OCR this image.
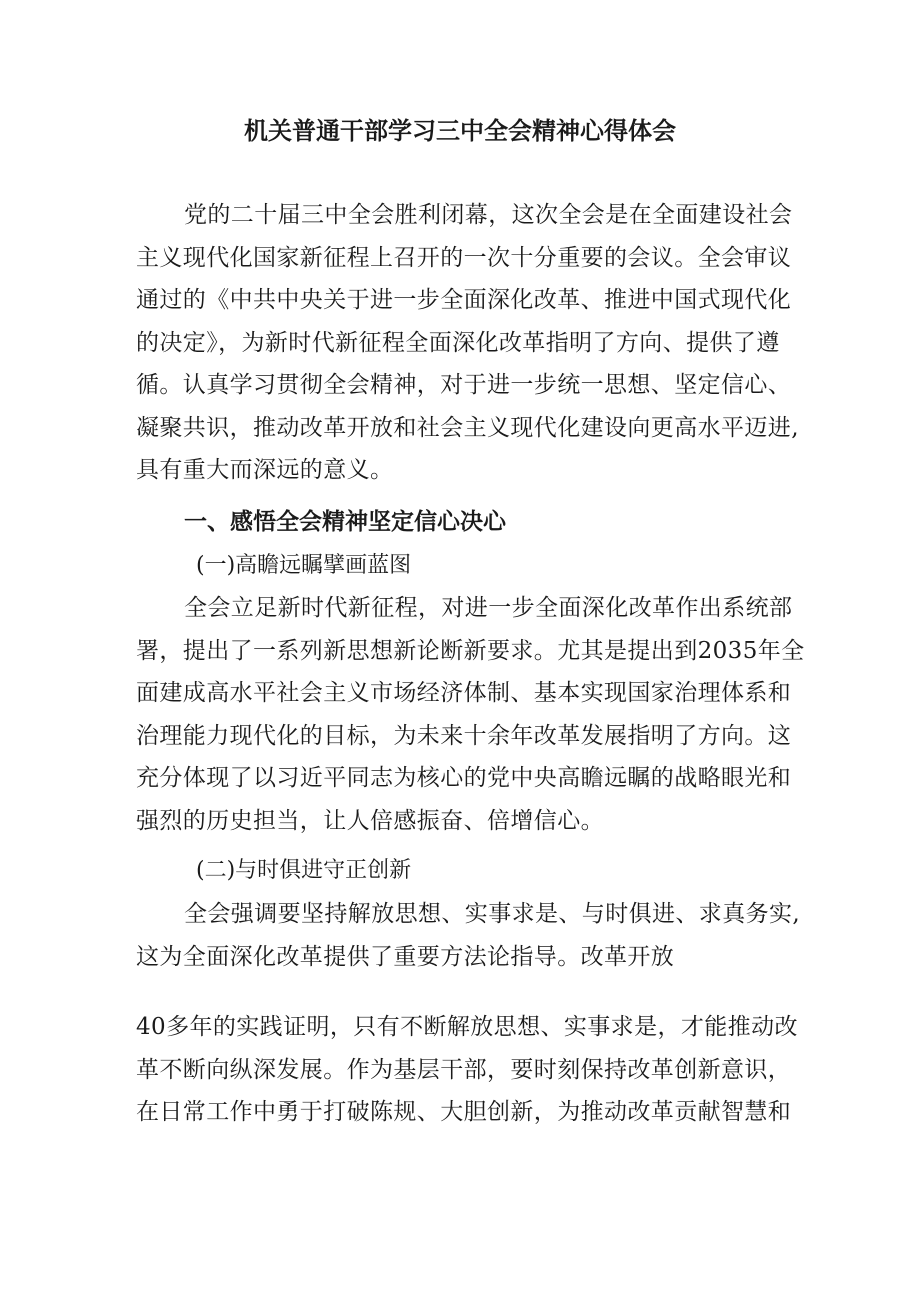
机关普通干部学习三中全会精神心得体会
党的二十届三中全会胜利闭幕，这次全会是在全面建设社会
主义现代化国家新征程上召开的一次十分重要的会议。全会审议
通过的《中共中央关于进一步全面深化改革、推进中国式现代化
的决定》，为新时代新征程全面深化改革指明了方向、提供了遵
循。认真学习贯彻全会精神，对于进一步统一思想、坚定信心、
凝聚共识，推动改革开放和社会主义现代化建设向更高水平迈进,
具有重大而深远的意义。
一、感悟全会精神坚定信心决心
(一)高瞻远瞩擘画蓝图
全会立足新时代新征程，对进一步全面深化改革作出系统部
署，提出了一系列新思想新论断新要求。尤其是提出到2035年全
面建成高水平社会主义市场经济体制、基本实现国家治理体系和
治理能力现代化的目标，为未来十余年改革发展指明了方向。这
充分体现了以习近平同志为核心的党中央高瞻远瞩的战略眼光和
强烈的历史担当，让人倍感振奋、倍增信心。
(二)与时俱进守正创新
全会强调要坚持解放思想、实事求是、与时俱进、求真务实,
这为全面深化改革提供了重要方法论指导。改革开放
40多年的实践证明，只有不断解放思想、实事求是，才能推动改
革不断向纵深发展。作为基层干部，要时刻保持改革创新意识，
在日常工作中勇于打破陈规、大胆创新，为推动改革贡献智慧和
